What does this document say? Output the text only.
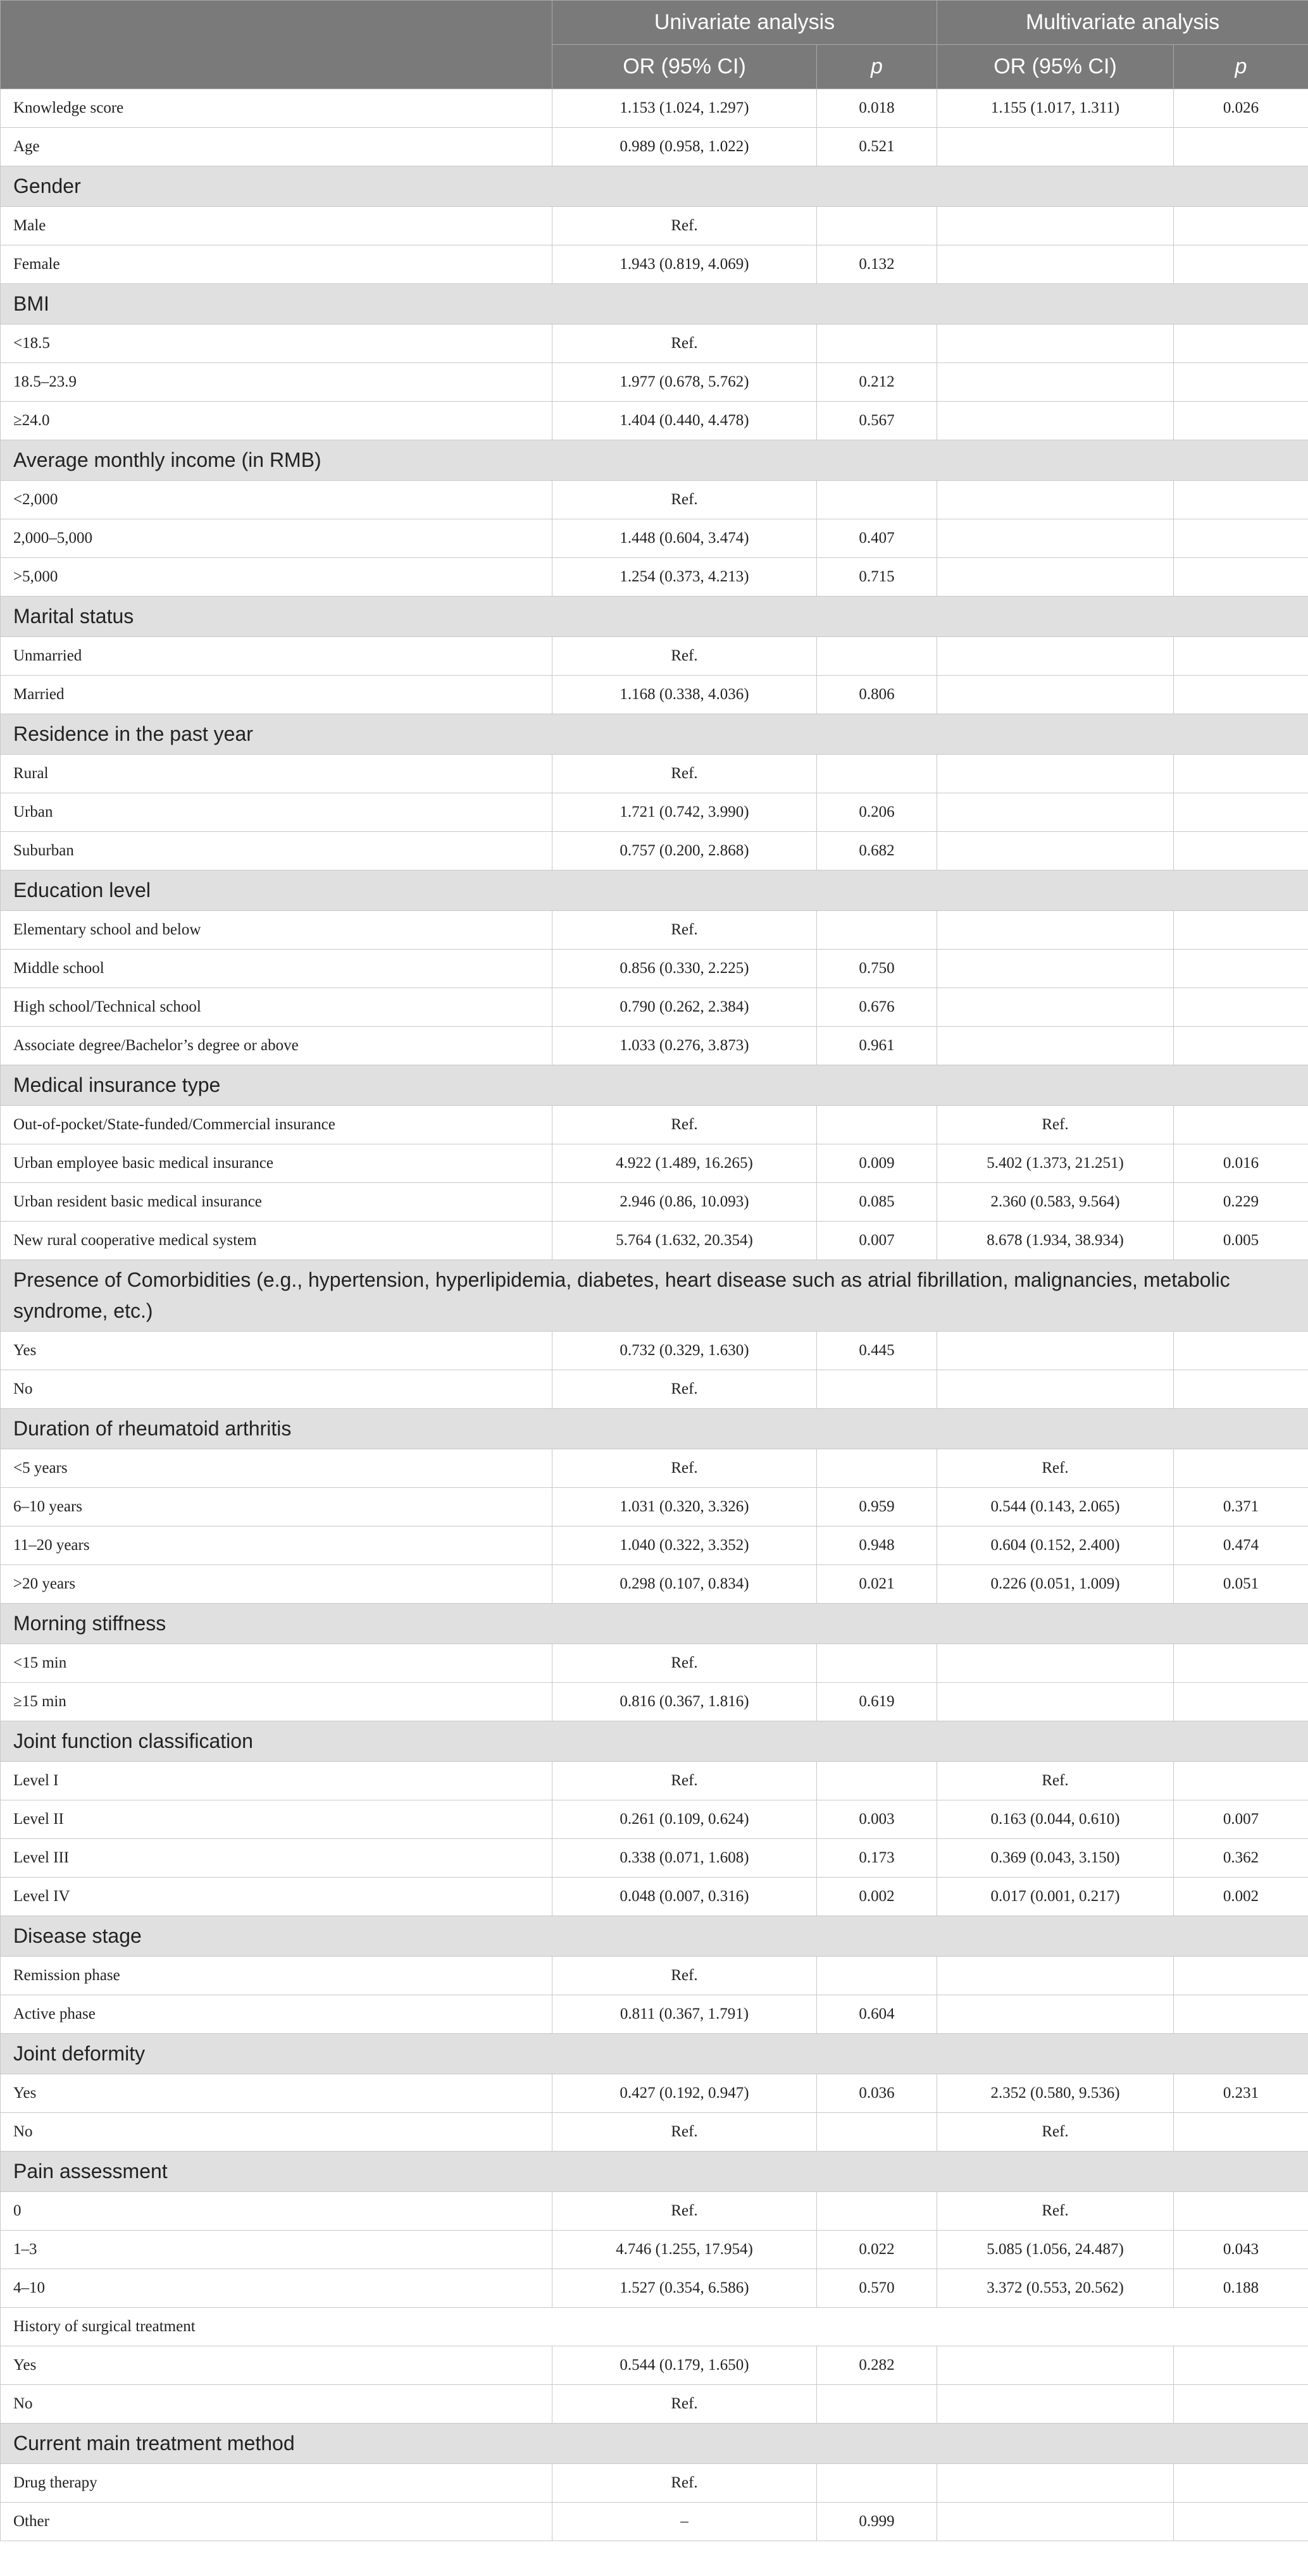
	Univariate analysis		Multivariate analysis	
	OR (95% CI)	p	OR (95% CI)	p
Knowledge score	1.153 (1.024, 1.297)	0.018	1.155 (1.017, 1.311)	0.026
Age	0.989 (0.958, 1.022)	0.521		
Gender				
Male	Ref.			
Female	1.943 (0.819, 4.069)	0.132		
BMI				
<18.5	Ref.			
18.5–23.9	1.977 (0.678, 5.762)	0.212		
≥24.0	1.404 (0.440, 4.478)	0.567		
Average monthly income (in RMB)				
<2,000	Ref.			
2,000–5,000	1.448 (0.604, 3.474)	0.407		
>5,000	1.254 (0.373, 4.213)	0.715		
Marital status				
Unmarried	Ref.			
Married	1.168 (0.338, 4.036)	0.806		
Residence in the past year				
Rural	Ref.			
Urban	1.721 (0.742, 3.990)	0.206		
Suburban	0.757 (0.200, 2.868)	0.682		
Education level				
Elementary school and below	Ref.			
Middle school	0.856 (0.330, 2.225)	0.750		
High school/Technical school	0.790 (0.262, 2.384)	0.676		
Associate degree/Bachelor’s degree or above	1.033 (0.276, 3.873)	0.961		
Medical insurance type				
Out-of-pocket/State-funded/Commercial insurance	Ref.		Ref.	
Urban employee basic medical insurance	4.922 (1.489, 16.265)	0.009	5.402 (1.373, 21.251)	0.016
Urban resident basic medical insurance	2.946 (0.86, 10.093)	0.085	2.360 (0.583, 9.564)	0.229
New rural cooperative medical system	5.764 (1.632, 20.354)	0.007	8.678 (1.934, 38.934)	0.005
Presence of Comorbidities (e.g., hypertension, hyperlipidemia, diabetes, heart disease such as atrial fibrillation, malignancies, metabolic syndrome, etc.)				
Yes	0.732 (0.329, 1.630)	0.445		
No	Ref.			
Duration of rheumatoid arthritis				
<5 years	Ref.		Ref.	
6–10 years	1.031 (0.320, 3.326)	0.959	0.544 (0.143, 2.065)	0.371
11–20 years	1.040 (0.322, 3.352)	0.948	0.604 (0.152, 2.400)	0.474
>20 years	0.298 (0.107, 0.834)	0.021	0.226 (0.051, 1.009)	0.051
Morning stiffness				
<15 min	Ref.			
≥15 min	0.816 (0.367, 1.816)	0.619		
Joint function classification				
Level I	Ref.		Ref.	
Level II	0.261 (0.109, 0.624)	0.003	0.163 (0.044, 0.610)	0.007
Level III	0.338 (0.071, 1.608)	0.173	0.369 (0.043, 3.150)	0.362
Level IV	0.048 (0.007, 0.316)	0.002	0.017 (0.001, 0.217)	0.002
Disease stage				
Remission phase	Ref.			
Active phase	0.811 (0.367, 1.791)	0.604		
Joint deformity				
Yes	0.427 (0.192, 0.947)	0.036	2.352 (0.580, 9.536)	0.231
No	Ref.		Ref.	
Pain assessment				
0	Ref.		Ref.	
1–3	4.746 (1.255, 17.954)	0.022	5.085 (1.056, 24.487)	0.043
4–10	1.527 (0.354, 6.586)	0.570	3.372 (0.553, 20.562)	0.188
History of surgical treatment				
Yes	0.544 (0.179, 1.650)	0.282		
No	Ref.			
Current main treatment method				
Drug therapy	Ref.			
Other	–	0.999		
